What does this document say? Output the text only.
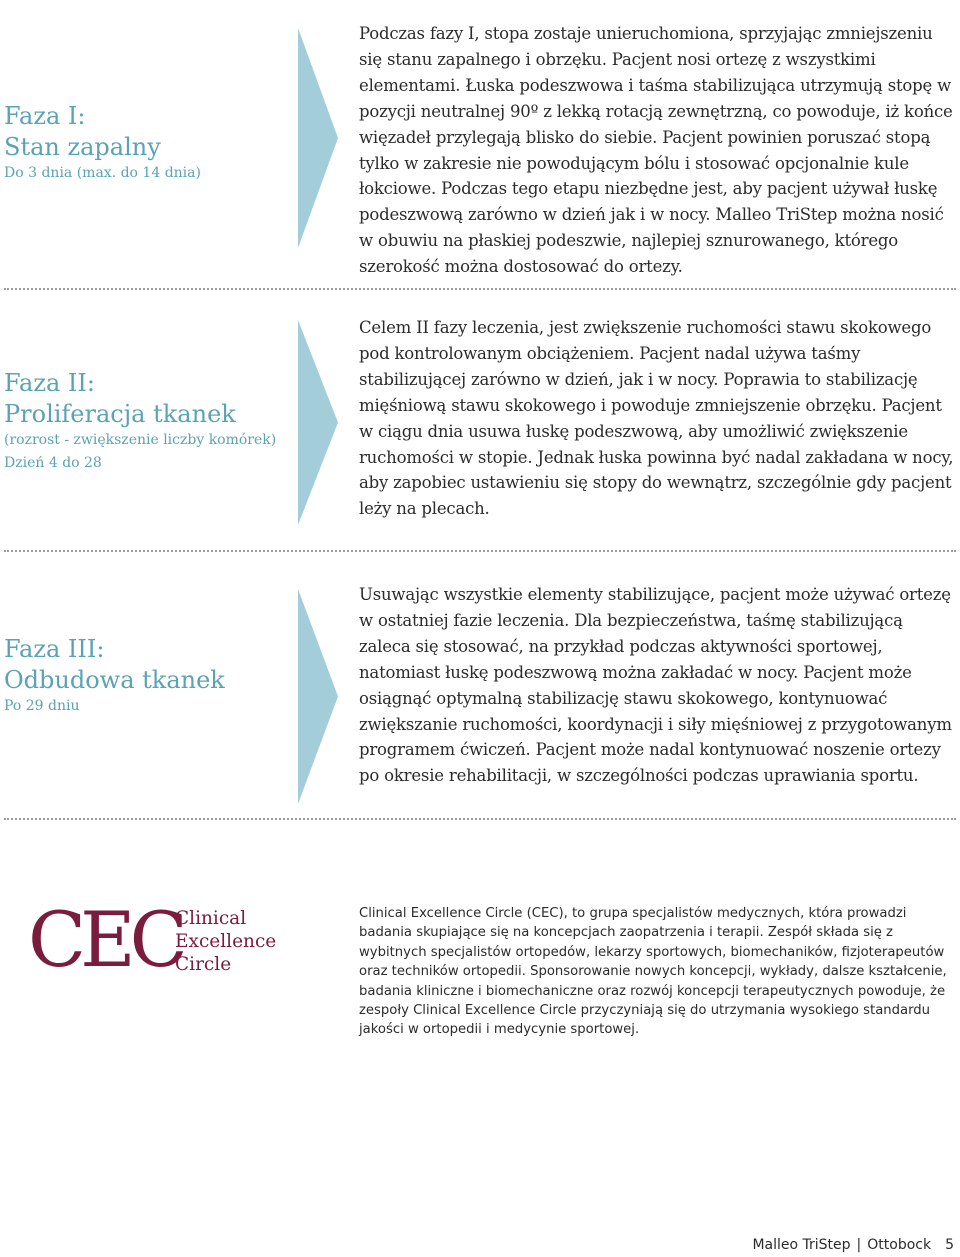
Faza I:
Stan zapalny

Do 3 dnia (max. do 14 dnia)

Podczas fazy I, stopa zostaje unieruchomiona, sprzyjając zmniejszeniu się stanu zapalnego i obrzęku. Pacjent nosi ortezę z wszystkimi elementami. Łuska podeszwowa i taśma stabilizująca utrzymują stopę w pozycji neutralnej 90º z lekką rotacją zewnętrzną, co powoduje, iż końce więzadeł przylegają blisko do siebie. Pacjent powinien poruszać stopą tylko w zakresie nie powodującym bólu i stosować opcjonalnie kule łokciowe. Podczas tego etapu niezbędne jest, aby pacjent używał łuskę podeszwową zarówno w dzień jak i w nocy. Malleo TriStep można nosić w obuwiu na płaskiej podeszwie, najlepiej sznurowanego, którego szerokość można dostosować do ortezy.

Faza II:
Proliferacja tkanek

(rozrost - zwiększenie liczby komórek)

Dzień 4 do 28

Celem II fazy leczenia, jest zwiększenie ruchomości stawu skokowego pod kontrolowanym obciążeniem. Pacjent nadal używa taśmy stabilizującej zarówno w dzień, jak i w nocy. Poprawia to stabilizację mięśniową stawu skokowego i powoduje zmniejszenie obrzęku. Pacjent w ciągu dnia usuwa łuskę podeszwową, aby umożliwić zwiększenie ruchomości w stopie. Jednak łuska powinna być nadal zakładana w nocy, aby zapobiec ustawieniu się stopy do wewnątrz, szczególnie gdy pacjent leży na plecach.

Faza III:
Odbudowa tkanek

Po 29 dniu

Usuwając wszystkie elementy stabilizujące, pacjent może używać ortezę w ostatniej fazie leczenia. Dla bezpieczeństwa, taśmę stabilizującą zaleca się stosować, na przykład podczas aktywności sportowej, natomiast łuskę podeszwową można zakładać w nocy. Pacjent może osiągnąć optymalną stabilizację stawu skokowego, kontynuować zwiększanie ruchomości, koordynacji i siły mięśniowej z przygotowanym programem ćwiczeń. Pacjent może nadal kontynuować noszenie ortezy po okresie rehabilitacji, w szczególności podczas uprawiania sportu.

CEC
Clinical
Excellence
Circle

Clinical Excellence Circle (CEC), to grupa specjalistów medycznych, która prowadzi badania skupiające się na koncepcjach zaopatrzenia i terapii. Zespół składa się z wybitnych specjalistów ortopedów, lekarzy sportowych, biomechaników, fizjoterapeutów oraz techników ortopedii. Sponsorowanie nowych koncepcji, wykłady, dalsze kształcenie, badania kliniczne i biomechaniczne oraz rozwój koncepcji terapeutycznych powoduje, że zespoły Clinical Excellence Circle przyczyniają się do utrzymania wysokiego standardu jakości w ortopedii i medycynie sportowej.

Malleo TriStep | Ottobock 5
